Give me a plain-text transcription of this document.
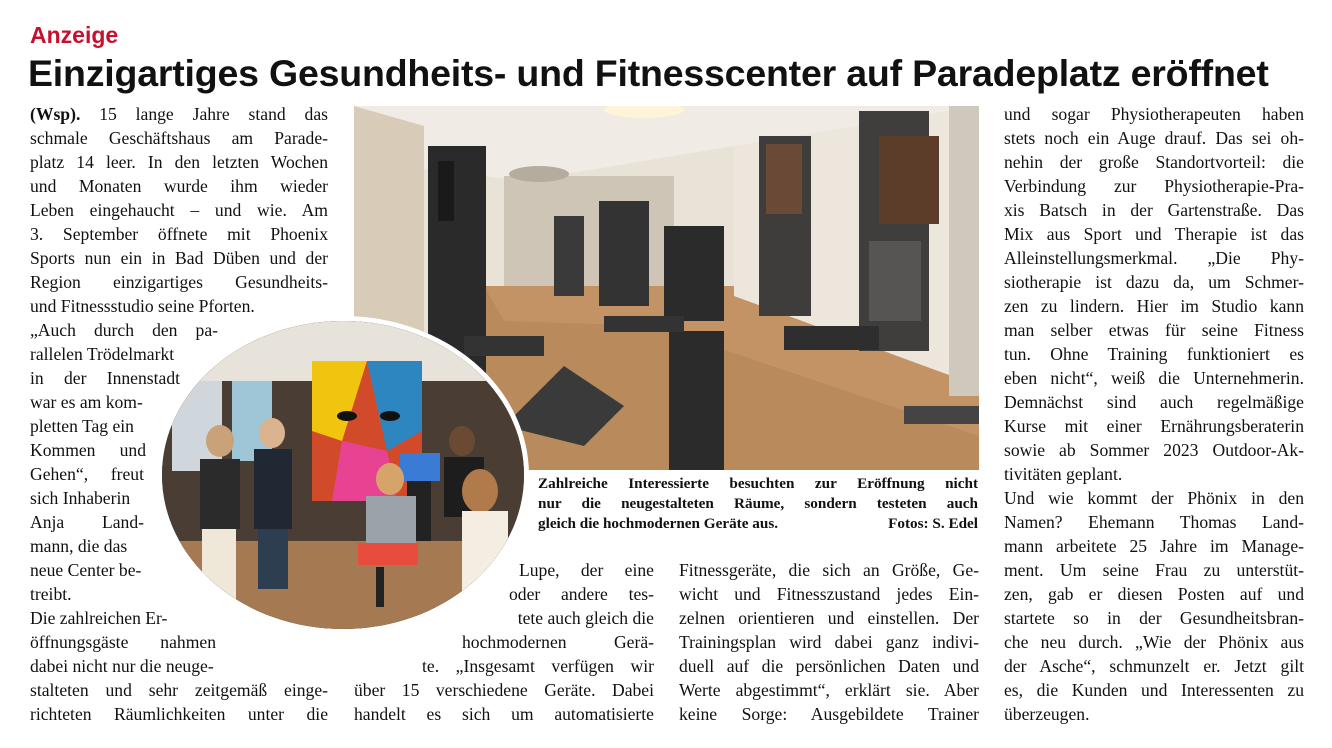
Anzeige
Einzigartiges Gesundheits- und Fitnesscenter auf Paradeplatz eröffnet
Zahlreiche Interessierte besuchten zur Eröffnung nicht
nur die neugestalteten Räume, sondern testeten auch
gleich die hochmodernen Geräte aus.	Fotos: S. Edel
(Wsp). 15 lange Jahre stand das
schmale Geschäftshaus am Parade-
platz 14 leer. In den letzten Wochen
und Monaten wurde ihm wieder
Leben eingehaucht – und wie. Am
3. September öffnete mit Phoenix
Sports nun ein in Bad Düben und der
Region einzigartiges Gesundheits-
und Fitnessstudio seine Pforten.
„Auch durch den pa-
rallelen Trödelmarkt
in der Innenstadt
war es am kom-
pletten Tag ein
Kommen und
Gehen“, freut
sich Inhaberin
Anja Land-
mann, die das
neue Center be-
treibt.
Die zahlreichen Er-
öffnungsgäste nahmen
dabei nicht nur die neuge-
stalteten und sehr zeitgemäß einge-
richteten Räumlichkeiten unter die
Lupe, der eine
oder andere tes-
tete auch gleich die
hochmodernen Gerä-
te. „Insgesamt verfügen wir
über 15 verschiedene Geräte. Dabei
handelt es sich um automatisierte
Fitnessgeräte, die sich an Größe, Ge-
wicht und Fitnesszustand jedes Ein-
zelnen orientieren und einstellen. Der
Trainingsplan wird dabei ganz indivi-
duell auf die persönlichen Daten und
Werte abgestimmt“, erklärt sie. Aber
keine Sorge: Ausgebildete Trainer
und sogar Physiotherapeuten haben
stets noch ein Auge drauf. Das sei oh-
nehin der große Standortvorteil: die
Verbindung zur Physiotherapie-Pra-
xis Batsch in der Gartenstraße. Das
Mix aus Sport und Therapie ist das
Alleinstellungsmerkmal. „Die Phy-
siotherapie ist dazu da, um Schmer-
zen zu lindern. Hier im Studio kann
man selber etwas für seine Fitness
tun. Ohne Training funktioniert es
eben nicht“, weiß die Unternehmerin.
Demnächst sind auch regelmäßige
Kurse mit einer Ernährungsberaterin
sowie ab Sommer 2023 Outdoor-Ak-
tivitäten geplant.
Und wie kommt der Phönix in den
Namen? Ehemann Thomas Land-
mann arbeitete 25 Jahre im Manage-
ment. Um seine Frau zu unterstüt-
zen, gab er diesen Posten auf und
startete so in der Gesundheitsbran-
che neu durch. „Wie der Phönix aus
der Asche“, schmunzelt er. Jetzt gilt
es, die Kunden und Interessenten zu
überzeugen.
